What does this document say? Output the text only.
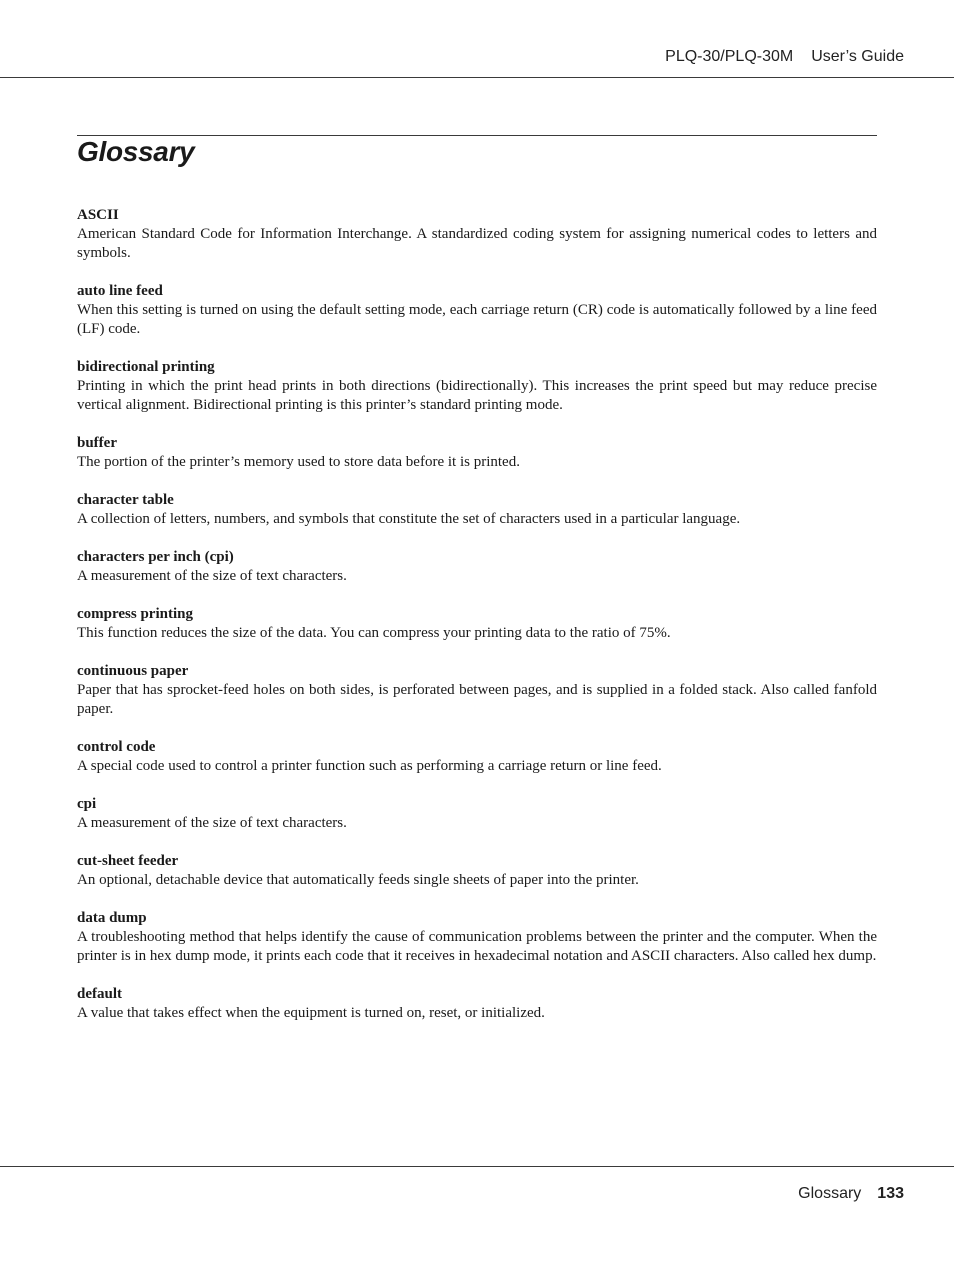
PLQ-30/PLQ-30M User’s Guide
Glossary
ASCII
American Standard Code for Information Interchange. A standardized coding system for assigning numerical codes to letters and symbols.
auto line feed
When this setting is turned on using the default setting mode, each carriage return (CR) code is automatically followed by a line feed (LF) code.
bidirectional printing
Printing in which the print head prints in both directions (bidirectionally). This increases the print speed but may reduce precise vertical alignment. Bidirectional printing is this printer’s standard printing mode.
buffer
The portion of the printer’s memory used to store data before it is printed.
character table
A collection of letters, numbers, and symbols that constitute the set of characters used in a particular language.
characters per inch (cpi)
A measurement of the size of text characters.
compress printing
This function reduces the size of the data. You can compress your printing data to the ratio of 75%.
continuous paper
Paper that has sprocket-feed holes on both sides, is perforated between pages, and is supplied in a folded stack. Also called fanfold paper.
control code
A special code used to control a printer function such as performing a carriage return or line feed.
cpi
A measurement of the size of text characters.
cut-sheet feeder
An optional, detachable device that automatically feeds single sheets of paper into the printer.
data dump
A troubleshooting method that helps identify the cause of communication problems between the printer and the computer. When the printer is in hex dump mode, it prints each code that it receives in hexadecimal notation and ASCII characters. Also called hex dump.
default
A value that takes effect when the equipment is turned on, reset, or initialized.
Glossary 133
